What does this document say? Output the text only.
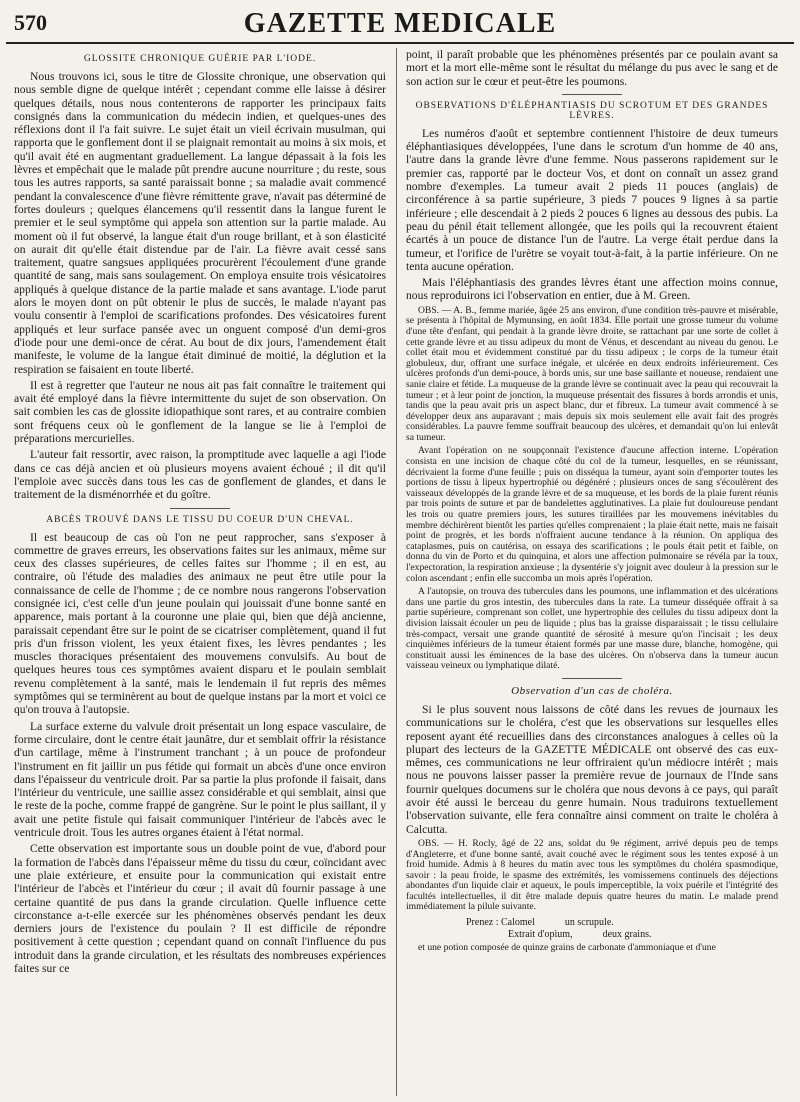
570	GAZETTE MEDICALE
GLOSSITE CHRONIQUE GUÉRIE PAR L'IODE.

Nous trouvons ici, sous le titre de Glossite chronique, une observation qui nous semble digne de quelque intérêt ; cependant comme elle laisse à désirer quelques détails, nous nous contenterons de rapporter les principaux faits consignés dans la communication du médecin indien, et quelques-unes des réflexions dont il l'a fait suivre. Le sujet était un vieil écrivain musulman, qui rapporta que le gonflement dont il se plaignait remontait au moins à six mois, et qu'il avait été en augmentant graduellement. La langue dépassait à la fois les lèvres et empêchait que le malade pût prendre aucune nourriture ; du reste, sous tous les autres rapports, sa santé paraissait bonne ; sa maladie avait commencé pendant la convalescence d'une fièvre rémittente grave, n'avait pas déterminé de fortes douleurs ; quelques élancemens qu'il ressentit dans la langue furent le premier et le seul symptôme qui appela son attention sur la partie malade. Au moment où il fut observé, la langue était d'un rouge brillant, et à son élasticité on aurait dit qu'elle était distendue par de l'air. La fièvre avait cessé sans traitement, quatre sangsues appliquées procurèrent l'écoulement d'une grande quantité de sang, mais sans soulagement. On employa ensuite trois vésicatoires appliqués à quelque distance de la partie malade et sans avantage. L'iode parut alors le moyen dont on pût obtenir le plus de succès, le malade n'ayant pas voulu consentir à l'emploi de scarifications profondes. Des vésicatoires furent appliqués et leur surface pansée avec un onguent composé d'un demi-gros d'iode pour une demi-once de cérat. Au bout de dix jours, l'amendement était manifeste, le volume de la langue était diminué de moitié, la déglution et la respiration se faisaient en toute liberté.

Il est à regretter que l'auteur ne nous ait pas fait connaître le traitement qui avait été employé dans la fièvre intermittente du sujet de son observation. On sait combien les cas de glossite idiopathique sont rares, et au contraire combien sont fréquens ceux où le gonflement de la langue se lie à l'emploi de préparations mercurielles.

L'auteur fait ressortir, avec raison, la promptitude avec laquelle a agi l'iode dans ce cas déjà ancien et où plusieurs moyens avaient échoué ; il dit qu'il l'emploie avec succès dans tous les cas de gonflement de glandes, et dans le traitement de la disménorrhée et du goître.

ABCÈS TROUVÉ DANS LE TISSU DU COEUR D'UN CHEVAL.

Il est beaucoup de cas où l'on ne peut rapprocher, sans s'exposer à commettre de graves erreurs, les observations faites sur les animaux, même sur ceux des classes supérieures, de celles faites sur l'homme ; il en est, au contraire, où l'étude des maladies des animaux ne peut être utile pour la connaissance de celle de l'homme ; de ce nombre nous rangerons l'observation consignée ici, c'est celle d'un jeune poulain qui jouissait d'une bonne santé en apparence, mais portant à la couronne une plaie qui, bien que déjà ancienne, paraissait cependant être sur le point de se cicatriser complètement, quand il fut pris d'un frisson violent, les yeux étaient fixes, les lèvres pendantes ; les muscles thoraciques présentaient des mouvemens convulsifs. Au bout de quelques heures tous ces symptômes avaient disparu et le poulain semblait revenu complètement à la santé, mais le lendemain il fut repris des mêmes symptômes qui se terminèrent au bout de quelque instans par la mort et voici ce qu'on trouva à l'autopsie.

La surface externe du valvule droit présentait un long espace vasculaire, de forme circulaire, dont le centre était jaunâtre, dur et semblait offrir la résistance d'un cartilage, même à l'instrument tranchant ; à un pouce de profondeur l'instrument en fit jaillir un pus fétide qui formait un abcès d'une once environ dans l'épaisseur du ventricule droit. Par sa partie la plus profonde il faisait, dans l'intérieur du ventricule, une saillie assez considérable et qui semblait, ainsi que le reste de la poche, comme frappé de gangrène. Sur le point le plus saillant, il y avait une petite fistule qui faisait communiquer l'intérieur de l'abcès avec le ventricule droit. Tous les autres organes étaient à l'état normal.

Cette observation est importante sous un double point de vue, d'abord pour la formation de l'abcès dans l'épaisseur même du tissu du cœur, coïncidant avec une plaie extérieure, et ensuite pour la communication qui existait entre l'intérieur de l'abcès et l'intérieur du cœur ; il avait dû fournir passage à une certaine quantité de pus dans la grande circulation. Quelle influence cette circonstance a-t-elle exercée sur les phénomènes observés pendant les deux derniers jours de l'existence du poulain ? Il est difficile de répondre positivement à cette question ; cependant quand on connaît l'influence du pus introduit dans la grande circulation, et les résultats des nombreuses expériences faites sur ce

point, il paraît probable que les phénomènes présentés par ce poulain avant sa mort et la mort elle-même sont le résultat du mélange du pus avec le sang et de son action sur le cœur et peut-être les poumons.

OBSERVATIONS D'ÉLÉPHANTIASIS DU SCROTUM ET DES GRANDES LÈVRES.

Les numéros d'août et septembre contiennent l'histoire de deux tumeurs éléphantiasiques développées, l'une dans le scrotum d'un homme de 40 ans, l'autre dans la grande lèvre d'une femme. Nous passerons rapidement sur le premier cas, rapporté par le docteur Vos, et dont on connaît un assez grand nombre d'exemples. La tumeur avait 2 pieds 11 pouces (anglais) de circonférence à sa partie supérieure, 3 pieds 7 pouces 9 lignes à sa partie inférieure ; elle descendait à 2 pieds 2 pouces 6 lignes au dessous des pubis. La peau du pénil était tellement allongée, que les poils qui la recouvrent étaient écartés à un pouce de distance l'un de l'autre. La verge était perdue dans la tumeur, et l'orifice de l'urètre se voyait tout-à-fait, à la partie inférieure. On ne tenta aucune opération.

Mais l'éléphantiasis des grandes lèvres étant une affection moins connue, nous reproduirons ici l'observation en entier, due à M. Green.

OBS. — A. B., femme mariée, âgée 25 ans environ, d'une condition très-pauvre et misérable, se présenta à l'hôpital de Mymunsing, en août 1834. Elle portait une grosse tumeur du volume d'une tête d'enfant, qui pendait à la grande lèvre droite, se rattachant par une sorte de collet à cette grande lèvre et au tissu adipeux du mont de Vénus, et descendant au niveau du genou. Le collet était mou et évidemment constitué par du tissu adipeux ; le corps de la tumeur était globuleux, dur, offrant une surface inégale, et ulcérée en deux endroits inférieurement. Ces ulcères profonds d'un demi-pouce, à bords unis, sur une base saillante et noueuse, rendaient une sanie claire et fétide. La muqueuse de la grande lèvre se continuait avec la peau qui recouvrait la tumeur ; et à leur point de jonction, la muqueuse présentait des fissures à bords arrondis et unis, tandis que la peau avait pris un aspect blanc, dur et fibreux. La tumeur avait commencé à se développer deux ans auparavant ; mais depuis six mois seulement elle avait fait des progrès considérables. La pauvre femme souffrait beaucoup des ulcères, et demandait qu'on lui enlevât sa tumeur.

Avant l'opération on ne soupçonnait l'existence d'aucune affection interne. L'opération consista en une incision de chaque côté du col de la tumeur, lesquelles, en se réunissant, décrivaient la forme d'une feuille ; puis on disséqua la tumeur, ayant soin d'emporter toutes les portions de tissu à lipeux hypertrophié ou dégénéré ; plusieurs onces de sang s'écoulèrent des vaisseaux développés de la grande lèvre et de sa muqueuse, et les bords de la plaie furent réunis par trois points de suture et par de bandelettes agglutinatives. La plaie fut douloureuse pendant les trois ou quatre premiers jours, les sutures tiraillées par les mouvemens inévitables du membre déchirèrent bientôt les parties qu'elles comprenaient ; la plaie était nette, mais ne faisait point de progrès, et les bords n'offraient aucune tendance à la réunion. On appliqua des cataplasmes, puis on cautérisa, on essaya des scarifications ; le pouls était petit et faible, on donna du vin de Porto et du quinquina, et alors une affection pulmonaire se révéla par la toux, l'expectoration, la respiration anxieuse ; la dysentérie s'y joignit avec douleur à la pression sur le colon ascendant ; enfin elle succomba un mois après l'opération.

A l'autopsie, on trouva des tubercules dans les poumons, une inflammation et des ulcérations dans une partie du gros intestin, des tubercules dans la rate. La tumeur disséquée offrait à sa partie supérieure, comprenant son collet, une hypertrophie des cellules du tissu adipeux dont la division laissait écouler un peu de liquide ; plus bas la graisse disparaissait ; le tissu cellulaire très-compact, versait une grande quantité de sérosité à mesure qu'on l'incisait ; les deux cinquièmes inférieurs de la tumeur étaient formés par une masse dure, blanche, homogène, qui constituait aussi les éminences de la base des ulcères. On n'observa dans la tumeur aucun vaisseau veineux ou lymphatique dilaté.

Observation d'un cas de choléra.

Si le plus souvent nous laissons de côté dans les revues de journaux les communications sur le choléra, c'est que les observations sur lesquelles elles reposent ayant été recueillies dans des circonstances analogues à celles où la plupart des lecteurs de la GAZETTE MÉDICALE ont observé des cas eux-mêmes, ces communications ne leur offriraient qu'un médiocre intérêt ; mais nous ne pouvons laisser passer la première revue de journaux de l'Inde sans fournir quelques documens sur le choléra que nous devons à ce pays, qui paraît avoir été aussi le berceau du genre humain. Nous traduirons textuellement l'observation suivante, elle fera connaître ainsi comment on traite le choléra à Calcutta.

OBS. — H. Rocly, âgé de 22 ans, soldat du 9e régiment, arrivé depuis peu de temps d'Angleterre, et d'une bonne santé, avait couché avec le régiment sous les tentes exposé à un froid humide. Admis à 8 heures du matin avec tous les symptômes du choléra spasmodique, savoir : la peau froide, le spasme des extrémités, les vomissemens continuels des déjections abondantes d'un liquide clair et aqueux, le pouls imperceptible, la voix puérile et l'intégrité des facultés intellectuelles, il dit être malade depuis quatre heures du matin. Le malade prend immédiatement la pilule suivante.

Prenez : Calomel	un scrupule.
Extrait d'opium,	deux grains.

et une potion composée de quinze grains de carbonate d'ammoniaque et d'une
